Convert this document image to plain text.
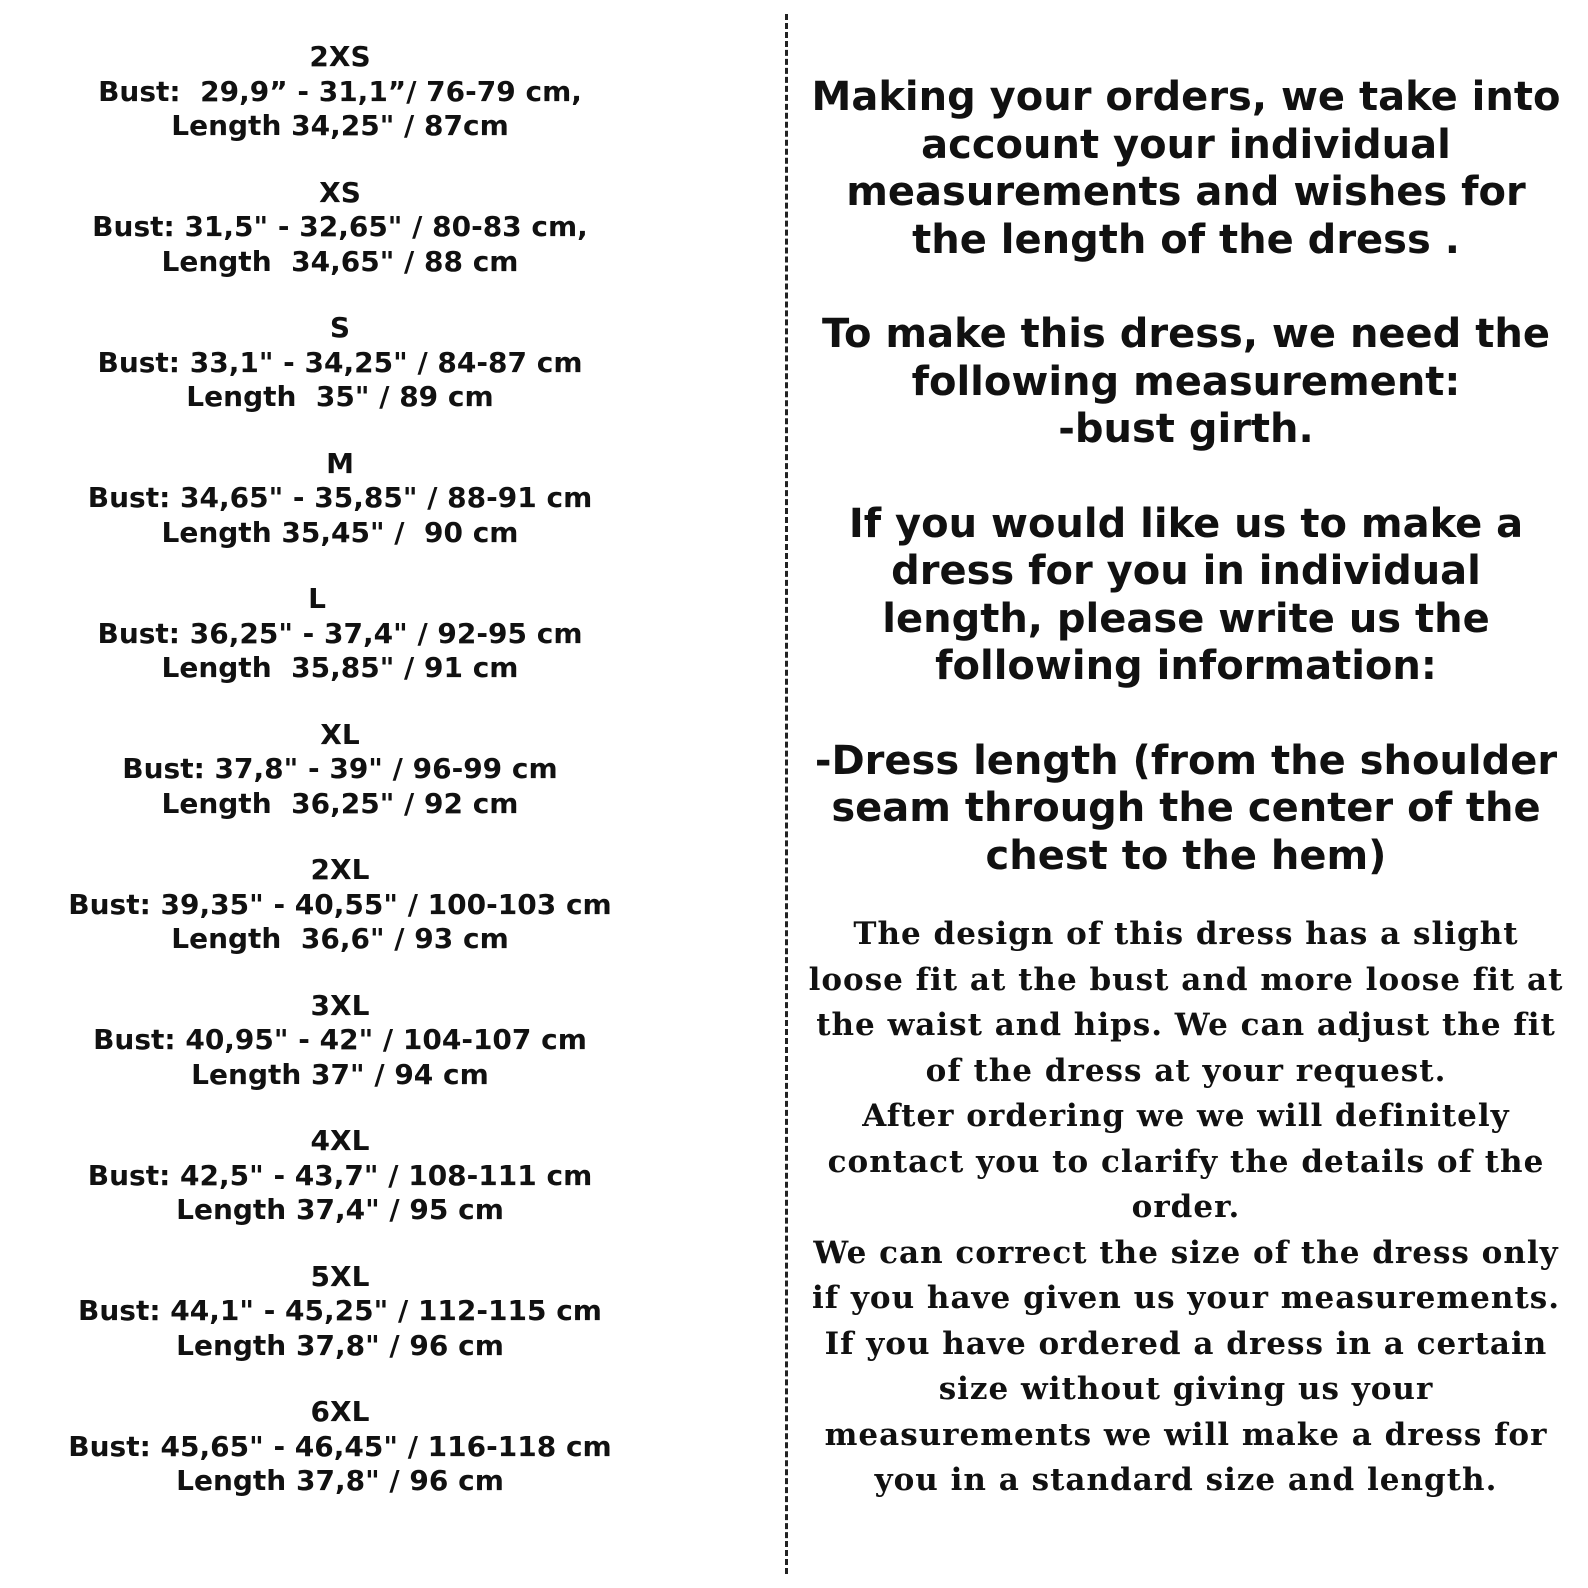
2XS
Bust:  29,9” - 31,1”/ 76-79 cm,
Length 34,25" / 87cm
XS
Bust: 31,5" - 32,65" / 80-83 cm,
Length  34,65" / 88 cm
S
Bust: 33,1" - 34,25" / 84-87 cm
Length  35" / 89 cm
M
Bust: 34,65" - 35,85" / 88-91 cm
Length 35,45" /  90 cm
L
Bust: 36,25" - 37,4" / 92-95 cm
Length  35,85" / 91 cm
XL
Bust: 37,8" - 39" / 96-99 cm
Length  36,25" / 92 cm
2XL
Bust: 39,35" - 40,55" / 100-103 cm
Length  36,6" / 93 cm
3XL
Bust: 40,95" - 42" / 104-107 cm
Length 37" / 94 cm
4XL
Bust: 42,5" - 43,7" / 108-111 cm
Length 37,4" / 95 cm
5XL
Bust: 44,1" - 45,25" / 112-115 cm
Length 37,8" / 96 cm
6XL
Bust: 45,65" - 46,45" / 116-118 cm
Length 37,8" / 96 cm
Making your orders, we take into account your individual measurements and wishes for the length of the dress .
To make this dress, we need the following measurement:
-bust girth.
If you would like us to make a dress for you in individual length, please write us the following information:
-Dress length (from the shoulder seam through the center of the chest to the hem)
The design of this dress has a slight loose fit at the bust and more loose fit at the waist and hips. We can adjust the fit of the dress at your request.
After ordering we we will definitely contact you to clarify the details of the order.
We can correct the size of the dress only if you have given us your measurements. If you have ordered a dress in a certain size without giving us your measurements we will make a dress for you in a standard size and length.
